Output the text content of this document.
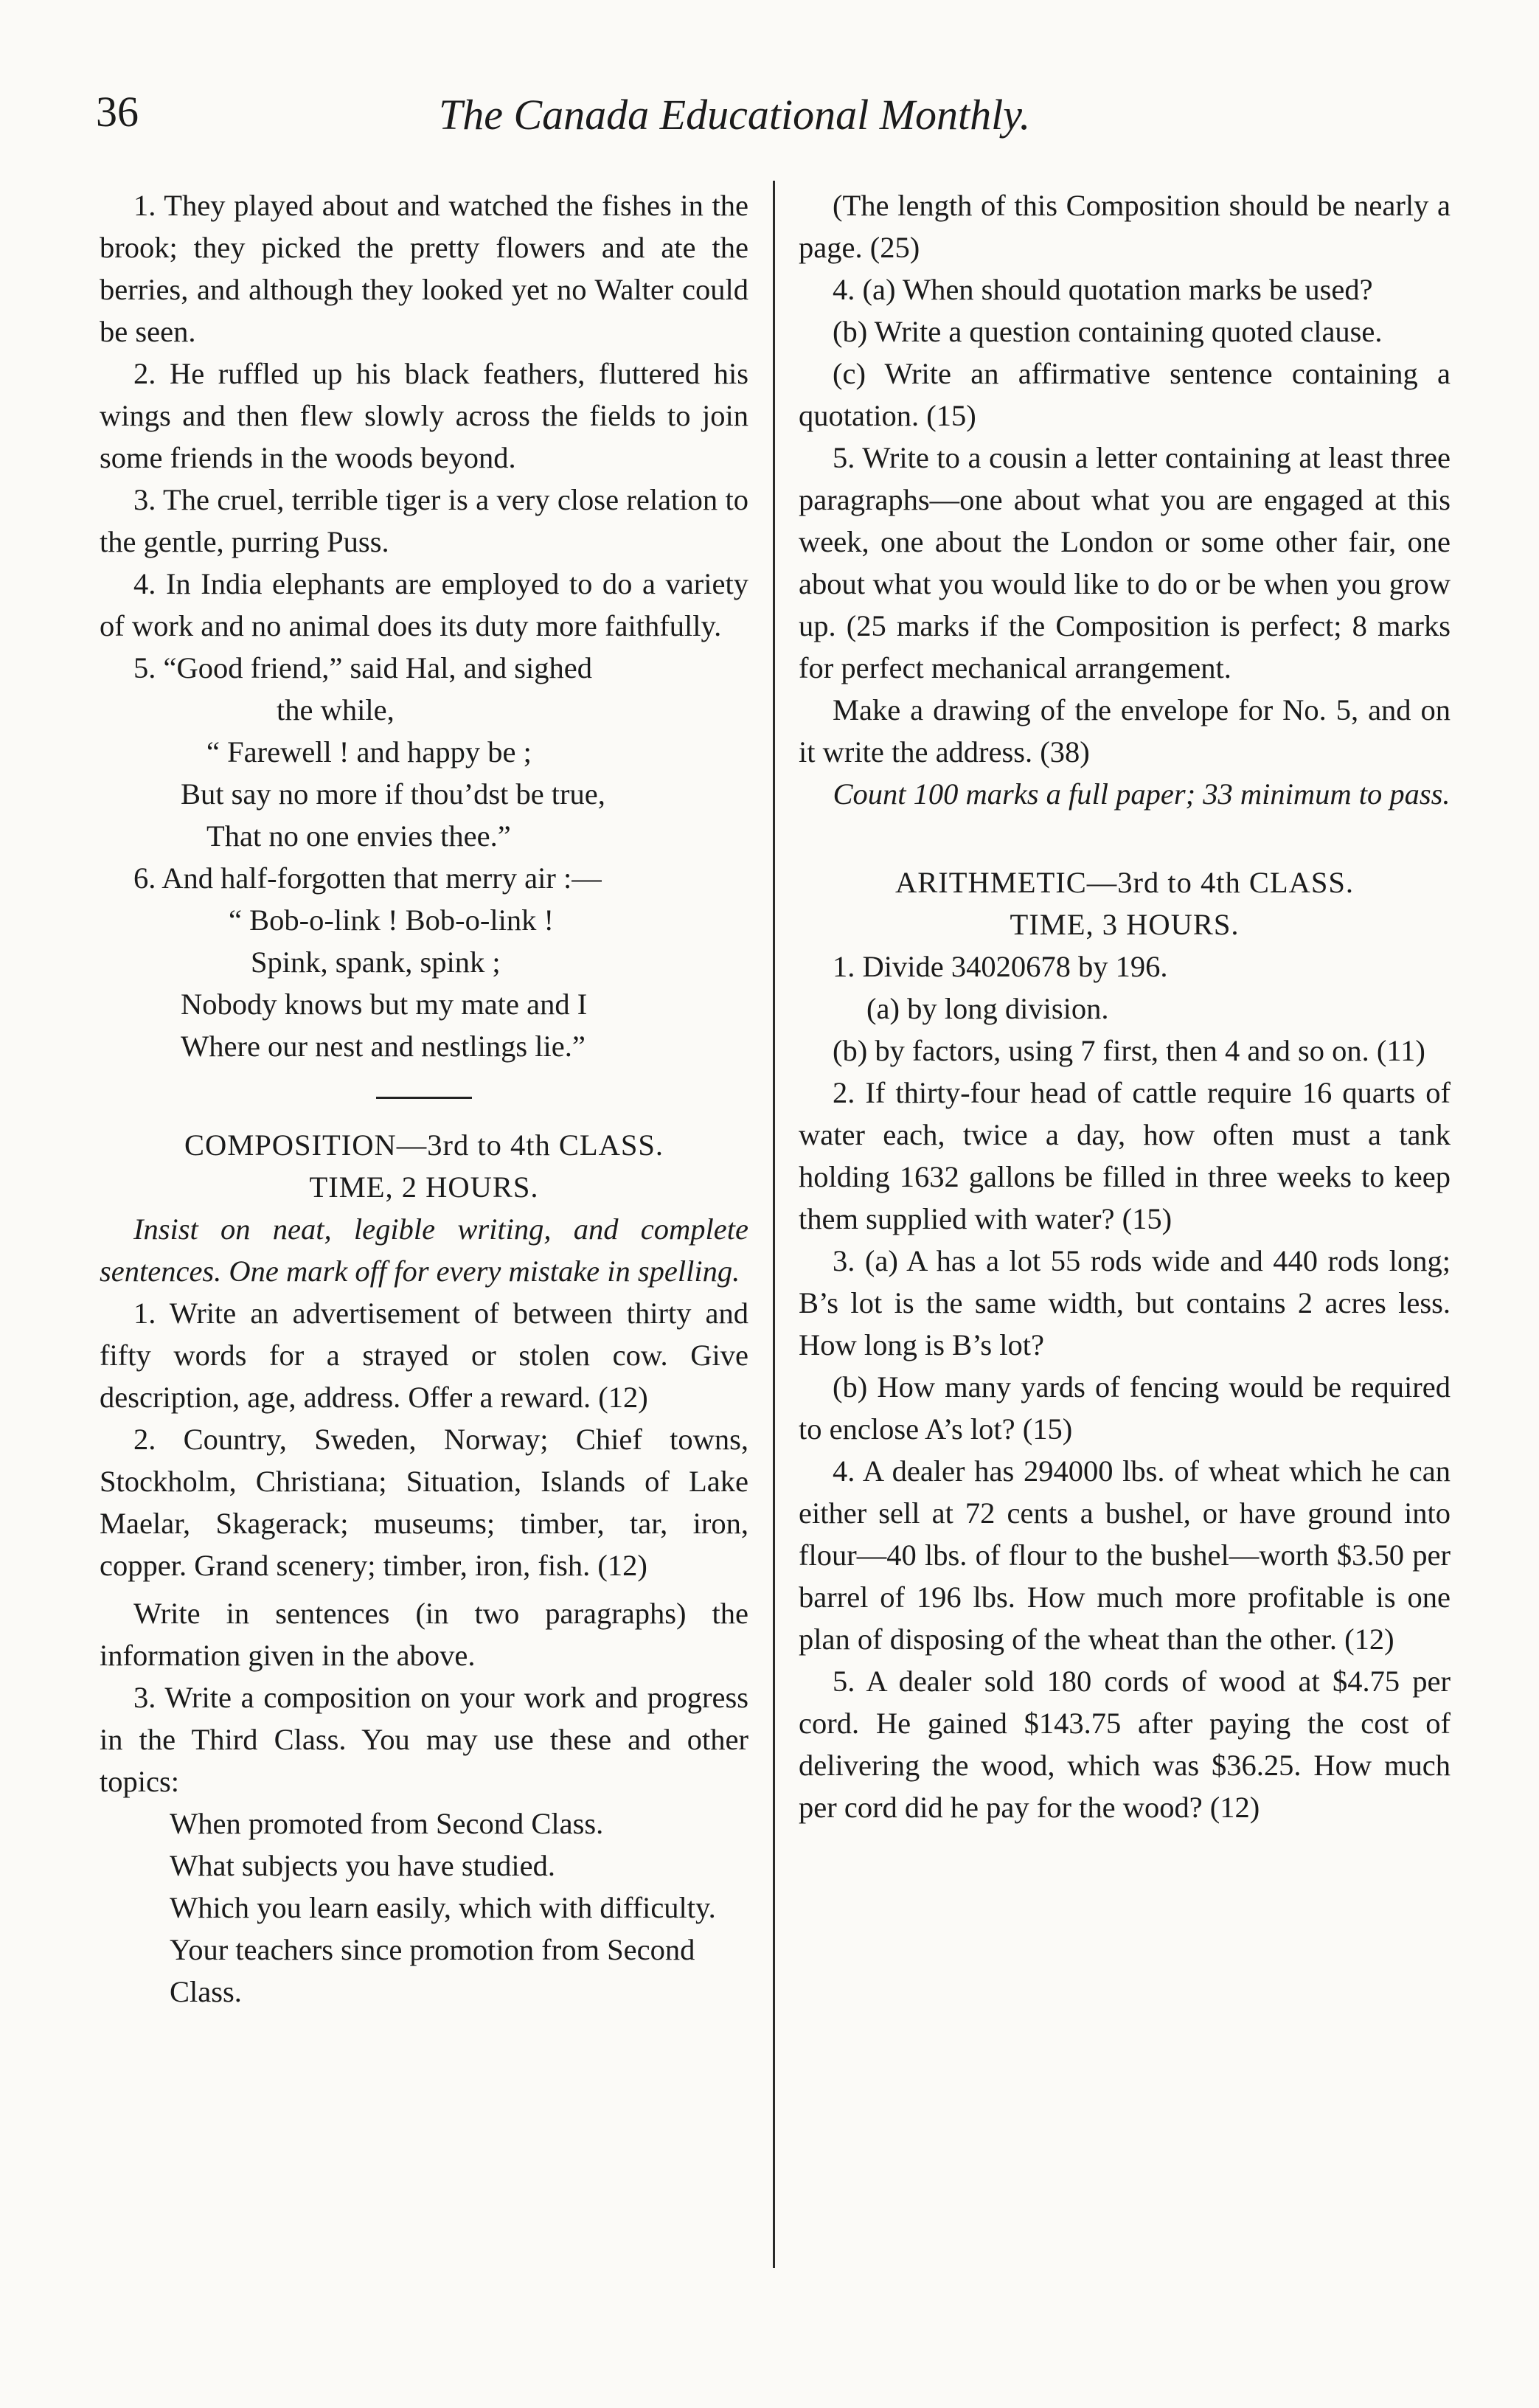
36	The Canada Educational Monthly.

1. They played about and watched the fishes in the brook; they picked the pretty flowers and ate the berries, and although they looked yet no Walter could be seen.

2. He ruffled up his black feathers, fluttered his wings and then flew slowly across the fields to join some friends in the woods beyond.

3. The cruel, terrible tiger is a very close relation to the gentle, purring Puss.

4. In India elephants are employed to do a variety of work and no animal does its duty more faithfully.

5. “Good friend,” said Hal, and sighed

the while,

“ Farewell ! and happy be ;

But say no more if thou’dst be true,

That no one envies thee.”

6. And half-forgotten that merry air :—

“ Bob-o-link ! Bob-o-link !

Spink, spank, spink ;

Nobody knows but my mate and I

Where our nest and nestlings lie.”

COMPOSITION—3rd to 4th CLASS.

TIME, 2 HOURS.

Insist on neat, legible writing, and complete sentences. One mark off for every mistake in spelling.

1. Write an advertisement of between thirty and fifty words for a strayed or stolen cow. Give description, age, address. Offer a reward. (12)

2. Country, Sweden, Norway; Chief towns, Stockholm, Christiana; Situation, Islands of Lake Maelar, Skagerack; museums; timber, tar, iron, copper. Grand scenery; timber, iron, fish. (12)

Write in sentences (in two paragraphs) the information given in the above.

3. Write a composition on your work and progress in the Third Class. You may use these and other topics:

When promoted from Second Class.

What subjects you have studied.

Which you learn easily, which with difficulty.

Your teachers since promotion from Second Class.

(The length of this Composition should be nearly a page. (25)

4. (a) When should quotation marks be used?

(b) Write a question containing quoted clause.

(c) Write an affirmative sentence containing a quotation. (15)

5. Write to a cousin a letter containing at least three paragraphs—one about what you are engaged at this week, one about the London or some other fair, one about what you would like to do or be when you grow up. (25 marks if the Composition is perfect; 8 marks for perfect mechanical arrangement.

Make a drawing of the envelope for No. 5, and on it write the address. (38)

Count 100 marks a full paper; 33 minimum to pass.

ARITHMETIC—3rd to 4th CLASS.

TIME, 3 HOURS.

1. Divide 34020678 by 196.

(a) by long division.

(b) by factors, using 7 first, then 4 and so on. (11)

2. If thirty-four head of cattle require 16 quarts of water each, twice a day, how often must a tank holding 1632 gallons be filled in three weeks to keep them supplied with water? (15)

3. (a) A has a lot 55 rods wide and 440 rods long; B’s lot is the same width, but contains 2 acres less. How long is B’s lot?

(b) How many yards of fencing would be required to enclose A’s lot? (15)

4. A dealer has 294000 lbs. of wheat which he can either sell at 72 cents a bushel, or have ground into flour—40 lbs. of flour to the bushel—worth $3.50 per barrel of 196 lbs. How much more profitable is one plan of disposing of the wheat than the other. (12)

5. A dealer sold 180 cords of wood at $4.75 per cord. He gained $143.75 after paying the cost of delivering the wood, which was $36.25. How much per cord did he pay for the wood? (12)
